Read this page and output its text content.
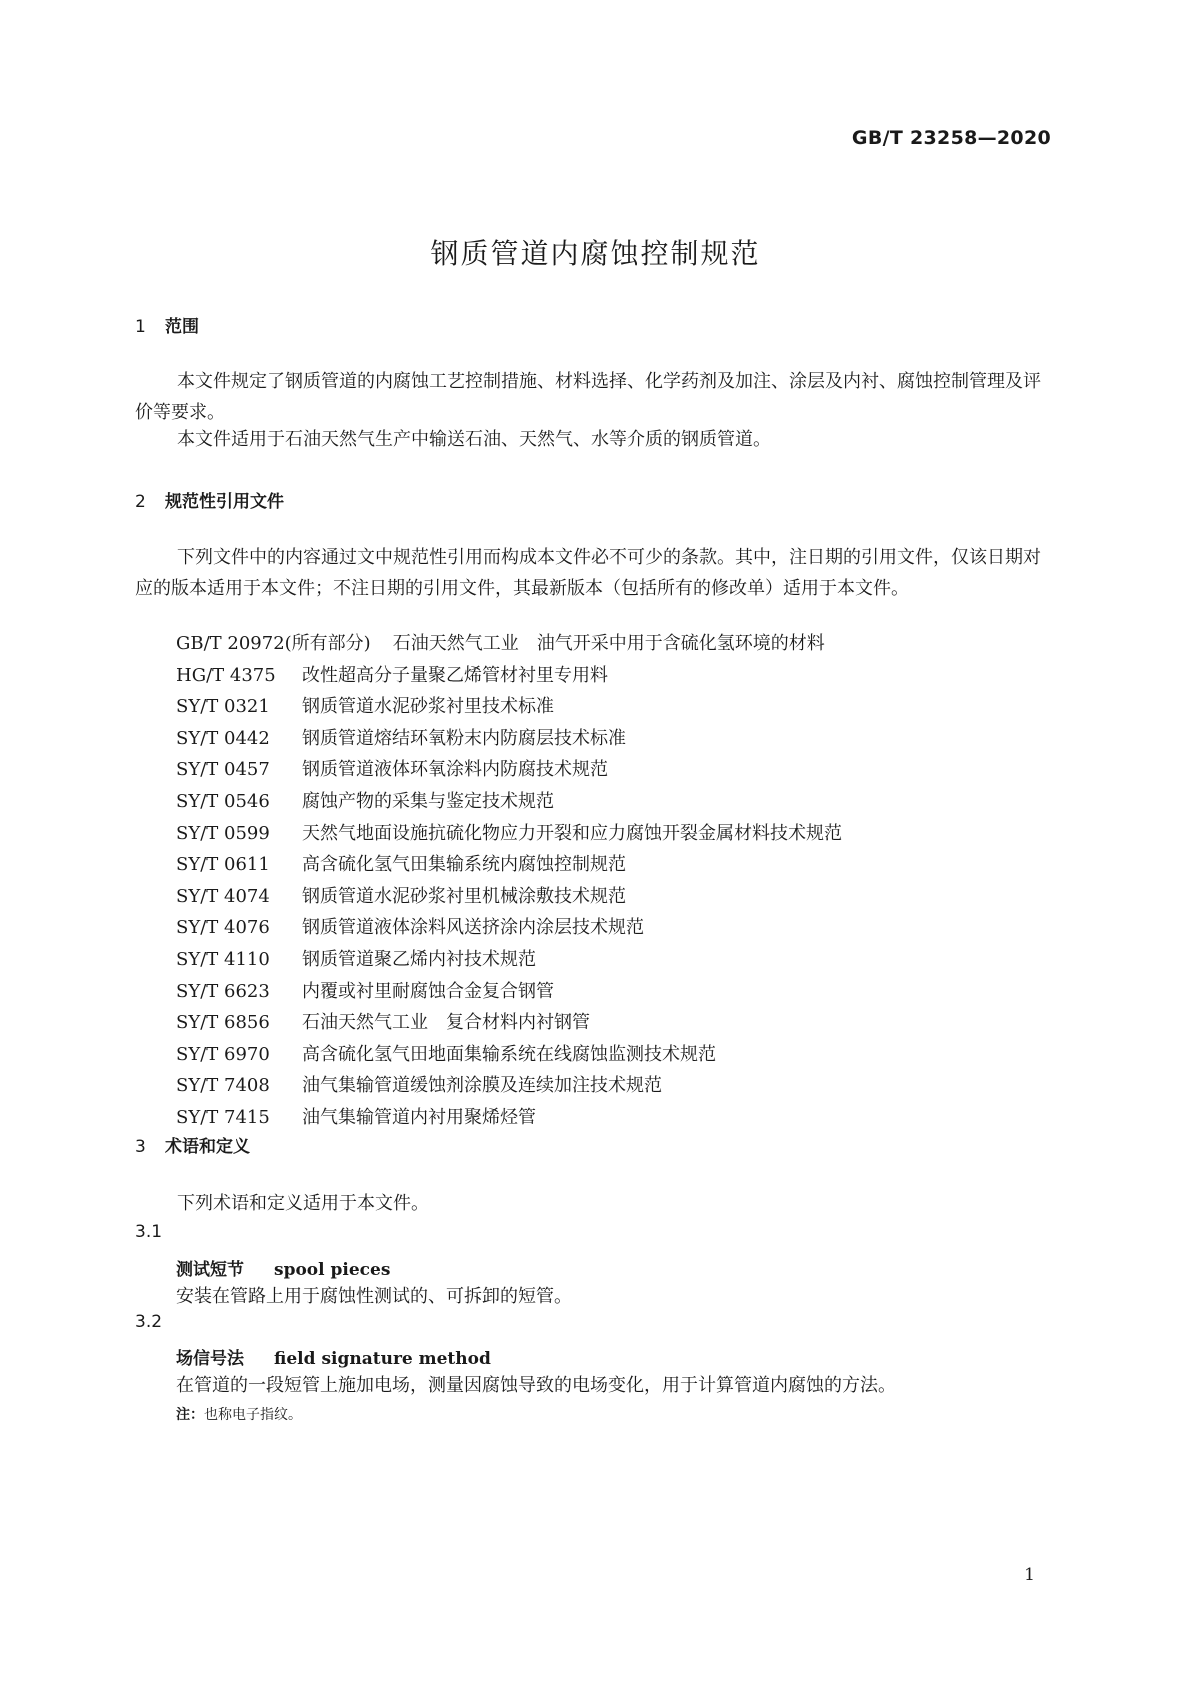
GB/T 23258—2020
钢质管道内腐蚀控制规范
1 范围
本文件规定了钢质管道的内腐蚀工艺控制措施、材料选择、化学药剂及加注、涂层及内衬、腐蚀控制管理及评价等要求。
本文件适用于石油天然气生产中输送石油、天然气、水等介质的钢质管道。
2 规范性引用文件
下列文件中的内容通过文中规范性引用而构成本文件必不可少的条款。其中，注日期的引用文件，仅该日期对应的版本适用于本文件；不注日期的引用文件，其最新版本（包括所有的修改单）适用于本文件。
GB/T 20972(所有部分) 石油天然气工业　油气开采中用于含硫化氢环境的材料
HG/T 4375 改性超高分子量聚乙烯管材衬里专用料
SY/T 0321 钢质管道水泥砂浆衬里技术标准
SY/T 0442 钢质管道熔结环氧粉末内防腐层技术标准
SY/T 0457 钢质管道液体环氧涂料内防腐技术规范
SY/T 0546 腐蚀产物的采集与鉴定技术规范
SY/T 0599 天然气地面设施抗硫化物应力开裂和应力腐蚀开裂金属材料技术规范
SY/T 0611 高含硫化氢气田集输系统内腐蚀控制规范
SY/T 4074 钢质管道水泥砂浆衬里机械涂敷技术规范
SY/T 4076 钢质管道液体涂料风送挤涂内涂层技术规范
SY/T 4110 钢质管道聚乙烯内衬技术规范
SY/T 6623 内覆或衬里耐腐蚀合金复合钢管
SY/T 6856 石油天然气工业　复合材料内衬钢管
SY/T 6970 高含硫化氢气田地面集输系统在线腐蚀监测技术规范
SY/T 7408 油气集输管道缓蚀剂涂膜及连续加注技术规范
SY/T 7415 油气集输管道内衬用聚烯烃管
3 术语和定义
下列术语和定义适用于本文件。
3.1
测试短节 spool pieces
安装在管路上用于腐蚀性测试的、可拆卸的短管。
3.2
场信号法 field signature method
在管道的一段短管上施加电场，测量因腐蚀导致的电场变化，用于计算管道内腐蚀的方法。
注：也称电子指纹。
1
